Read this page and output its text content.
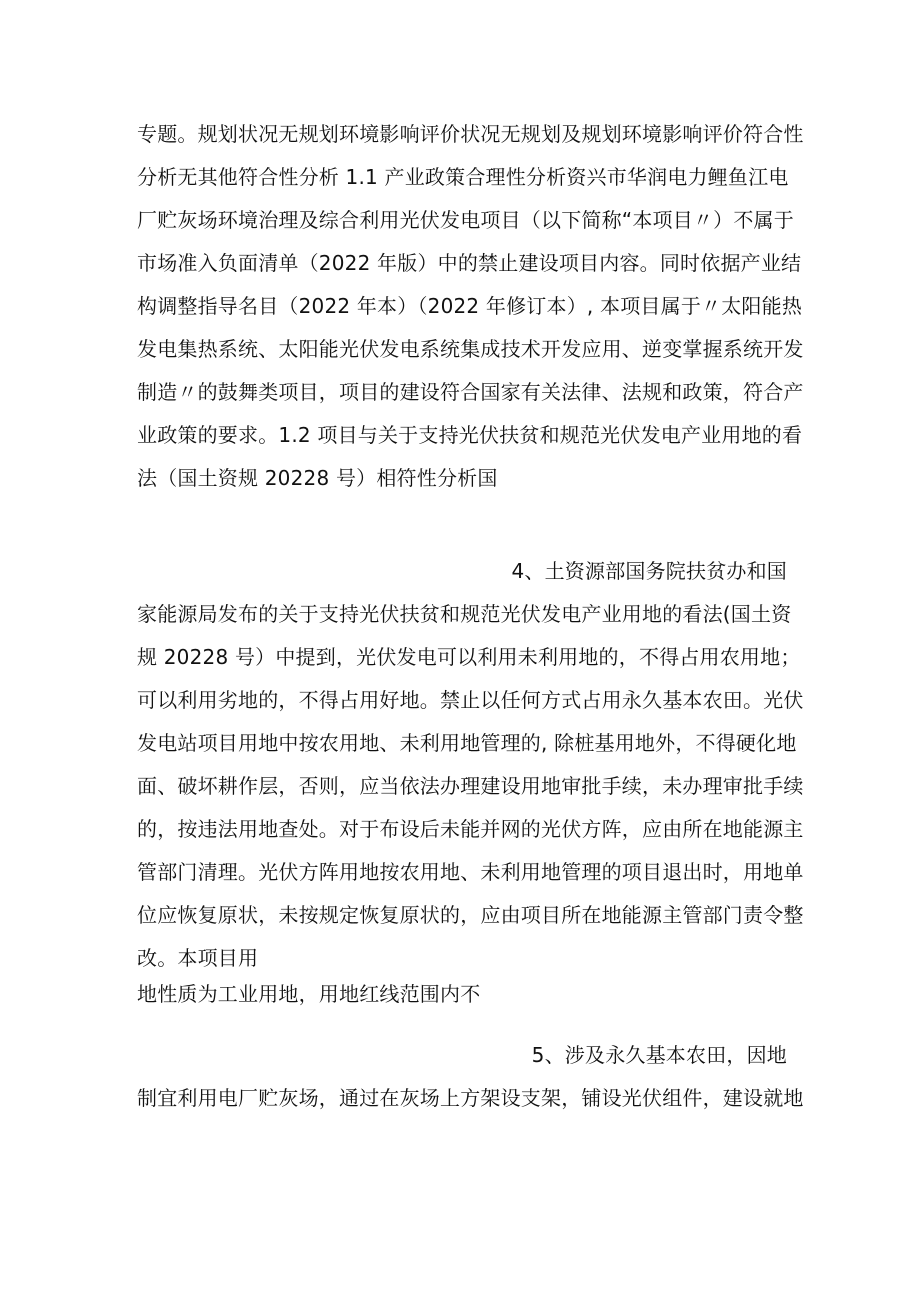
专题。规划状况无规划环境影响评价状况无规划及规划环境影响评价符合性
分析无其他符合性分析 1.1 产业政策合理性分析资兴市华润电力鲤鱼江电
厂贮灰场环境治理及综合利用光伏发电项目（以下简称“本项目〃）不属于
市场准入负面清单（2022 年版）中的禁止建设项目内容。同时依据产业结
构调整指导名目（2022 年本）（2022 年修订本）, 本项目属于〃太阳能热
发电集热系统、太阳能光伏发电系统集成技术开发应用、逆变掌握系统开发
制造〃的鼓舞类项目，项目的建设符合国家有关法律、法规和政策，符合产
业政策的要求。1.2 项目与关于支持光伏扶贫和规范光伏发电产业用地的看
法（国土资规 20228 号）相符性分析国
4、土资源部国务院扶贫办和国
家能源局发布的关于支持光伏扶贫和规范光伏发电产业用地的看法(国土资
规 20228 号）中提到，光伏发电可以利用未利用地的，不得占用农用地；
可以利用劣地的，不得占用好地。禁止以任何方式占用永久基本农田。光伏
发电站项目用地中按农用地、未利用地管理的, 除桩基用地外，不得硬化地
面、破坏耕作层，否则，应当依法办理建设用地审批手续，未办理审批手续
的，按违法用地查处。对于布设后未能并网的光伏方阵，应由所在地能源主
管部门清理。光伏方阵用地按农用地、未利用地管理的项目退出时，用地单
位应恢复原状，未按规定恢复原状的，应由项目所在地能源主管部门责令整
改。本项目用
地性质为工业用地，用地红线范围内不
5、涉及永久基本农田，因地
制宜利用电厂贮灰场，通过在灰场上方架设支架，铺设光伏组件，建设就地
